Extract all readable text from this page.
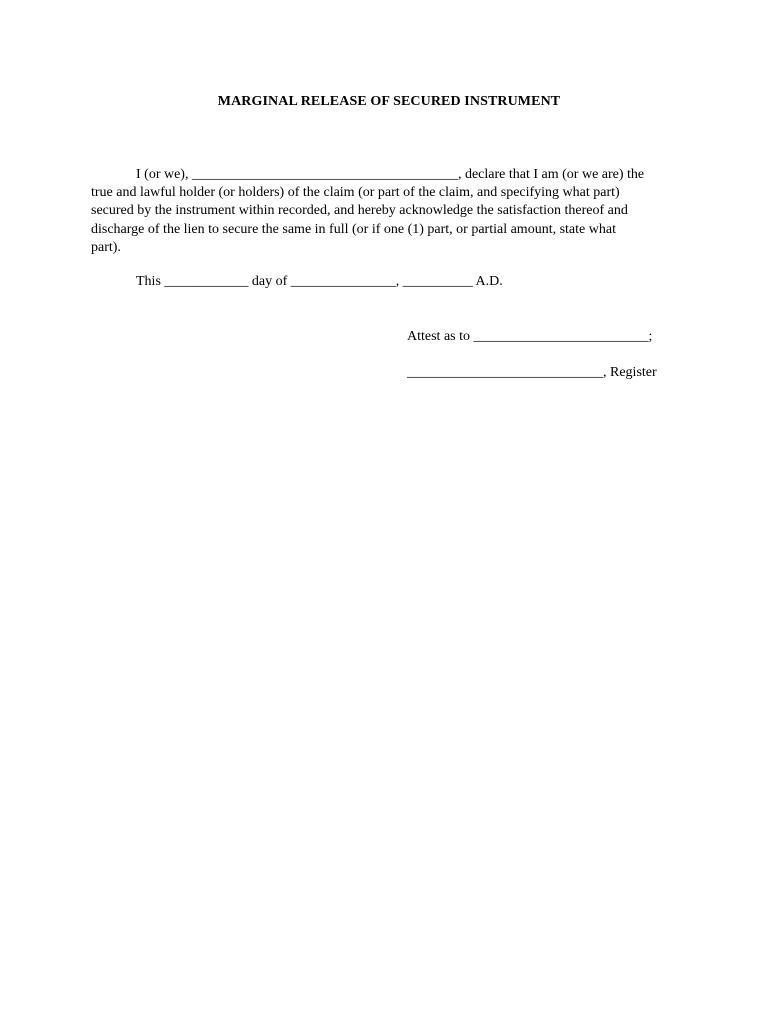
MARGINAL RELEASE OF SECURED INSTRUMENT
I (or we), ______________________________________, declare that I am (or we are) the
true and lawful holder (or holders) of the claim (or part of the claim, and specifying what part)
secured by the instrument within recorded, and hereby acknowledge the satisfaction thereof and
discharge of the lien to secure the same in full (or if one (1) part, or partial amount, state what
part).
This ____________ day of _______________, __________ A.D.
Attest as to _________________________;
____________________________, Register
